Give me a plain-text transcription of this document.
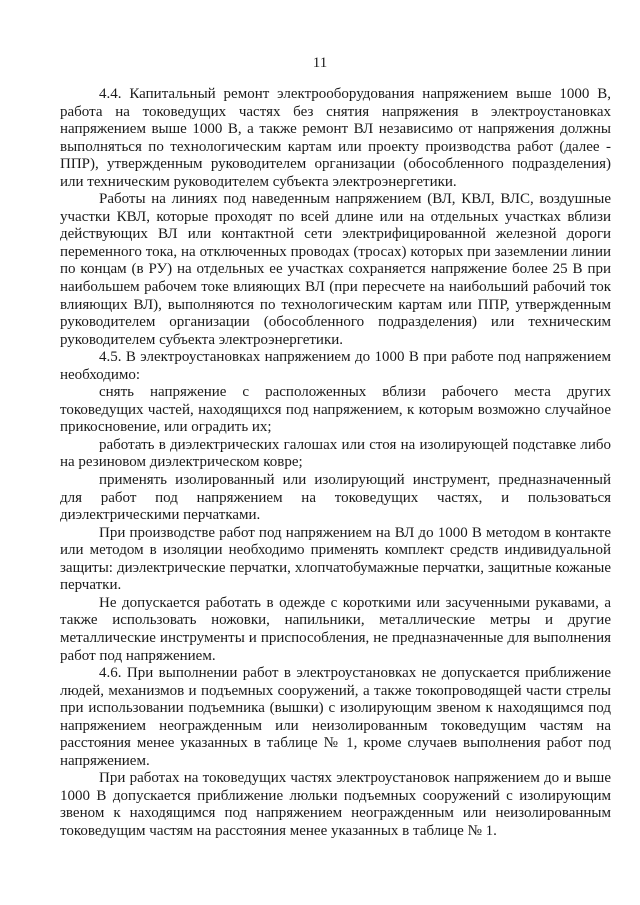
11

4.4. Капитальный ремонт электрооборудования напряжением выше 1000 В, работа на токоведущих частях без снятия напряжения в электроустановках напряжением выше 1000 В, а также ремонт ВЛ независимо от напряжения должны выполняться по технологическим картам или проекту производства работ (далее - ППР), утвержденным руководителем организации (обособленного подразделения) или техническим руководителем субъекта электроэнергетики.

Работы на линиях под наведенным напряжением (ВЛ, КВЛ, ВЛС, воздушные участки КВЛ, которые проходят по всей длине или на отдельных участках вблизи действующих ВЛ или контактной сети электрифицированной железной дороги переменного тока, на отключенных проводах (тросах) которых при заземлении линии по концам (в РУ) на отдельных ее участках сохраняется напряжение более 25 В при наибольшем рабочем токе влияющих ВЛ (при пересчете на наибольший рабочий ток влияющих ВЛ), выполняются по технологическим картам или ППР, утвержденным руководителем организации (обособленного подразделения) или техническим руководителем субъекта электроэнергетики.

4.5. В электроустановках напряжением до 1000 В при работе под напряжением необходимо:

снять напряжение с расположенных вблизи рабочего места других токоведущих частей, находящихся под напряжением, к которым возможно случайное прикосновение, или оградить их;

работать в диэлектрических галошах или стоя на изолирующей подставке либо на резиновом диэлектрическом ковре;

применять изолированный или изолирующий инструмент, предназначенный для работ под напряжением на токоведущих частях, и пользоваться диэлектрическими перчатками.

При производстве работ под напряжением на ВЛ до 1000 В методом в контакте или методом в изоляции необходимо применять комплект средств индивидуальной защиты: диэлектрические перчатки, хлопчатобумажные перчатки, защитные кожаные перчатки.

Не допускается работать в одежде с короткими или засученными рукавами, а также использовать ножовки, напильники, металлические метры и другие металлические инструменты и приспособления, не предназначенные для выполнения работ под напряжением.

4.6. При выполнении работ в электроустановках не допускается приближение людей, механизмов и подъемных сооружений, а также токопроводящей части стрелы при использовании подъемника (вышки) с изолирующим звеном к находящимся под напряжением неогражденным или неизолированным токоведущим частям на расстояния менее указанных в таблице № 1, кроме случаев выполнения работ под напряжением.

При работах на токоведущих частях электроустановок напряжением до и выше 1000 В допускается приближение люльки подъемных сооружений с изолирующим звеном к находящимся под напряжением неогражденным или неизолированным токоведущим частям на расстояния менее указанных в таблице № 1.
